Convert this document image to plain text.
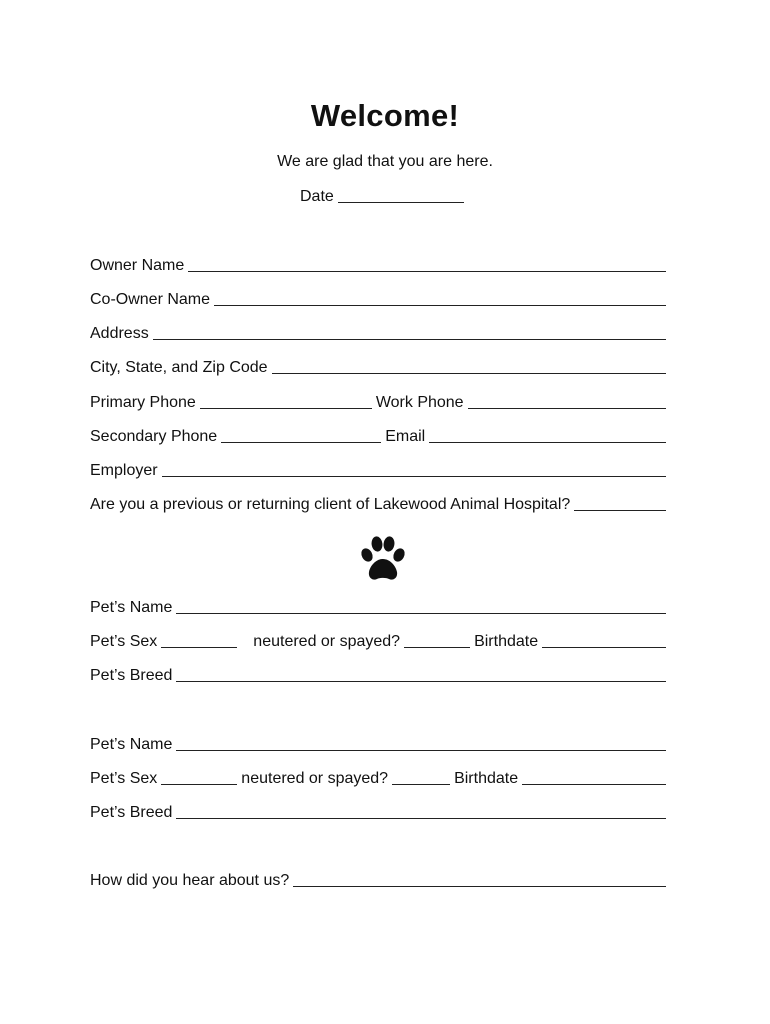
Welcome!
We are glad that you are here.
Date
Owner Name
Co-Owner Name
Address
City, State, and Zip Code
Primary Phone	Work Phone
Secondary Phone	Email
Employer
Are you a previous or returning client of Lakewood Animal Hospital?
Pet’s Name
Pet’s Sex	neutered or spayed?	Birthdate
Pet’s Breed
Pet’s Name
Pet’s Sex	neutered or spayed?	Birthdate
Pet’s Breed
How did you hear about us?
